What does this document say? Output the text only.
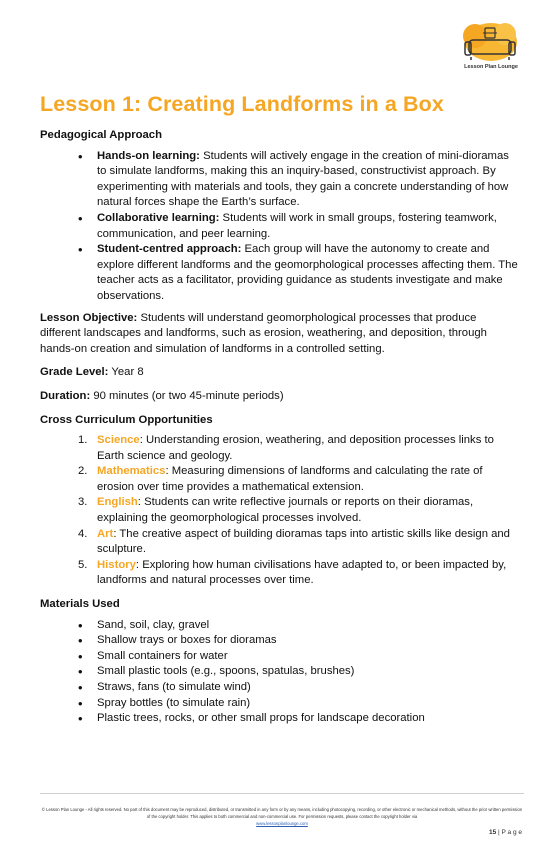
Lesson Plan Lounge
Lesson 1: Creating Landforms in a Box

Pedagogical Approach

• Hands-on learning: Students will actively engage in the creation of mini-dioramas to simulate landforms, making this an inquiry-based, constructivist approach. By experimenting with materials and tools, they gain a concrete understanding of how natural forces shape the Earth’s surface.
• Collaborative learning: Students will work in small groups, fostering teamwork, communication, and peer learning.
• Student-centred approach: Each group will have the autonomy to create and explore different landforms and the geomorphological processes affecting them. The teacher acts as a facilitator, providing guidance as students investigate and make observations.

Lesson Objective: Students will understand geomorphological processes that produce different landscapes and landforms, such as erosion, weathering, and deposition, through hands-on creation and simulation of landforms in a controlled setting.

Grade Level: Year 8

Duration: 90 minutes (or two 45-minute periods)

Cross Curriculum Opportunities

1. Science: Understanding erosion, weathering, and deposition processes links to Earth science and geology.
2. Mathematics: Measuring dimensions of landforms and calculating the rate of erosion over time provides a mathematical extension.
3. English: Students can write reflective journals or reports on their dioramas, explaining the geomorphological processes involved.
4. Art: The creative aspect of building dioramas taps into artistic skills like design and sculpture.
5. History: Exploring how human civilisations have adapted to, or been impacted by, landforms and natural processes over time.

Materials Used

• Sand, soil, clay, gravel
• Shallow trays or boxes for dioramas
• Small containers for water
• Small plastic tools (e.g., spoons, spatulas, brushes)
• Straws, fans (to simulate wind)
• Spray bottles (to simulate rain)
• Plastic trees, rocks, or other small props for landscape decoration
© Lesson Plan Lounge - All rights reserved. No part of this document may be reproduced, distributed, or transmitted in any form or by any means, including photocopying, recording, or other electronic or mechanical methods, without the prior written permission of the copyright holder. This applies to both commercial and non-commercial use. For permission requests, please contact the copyright holder via
www.lessonplanlounge.com
15 | P a g e
